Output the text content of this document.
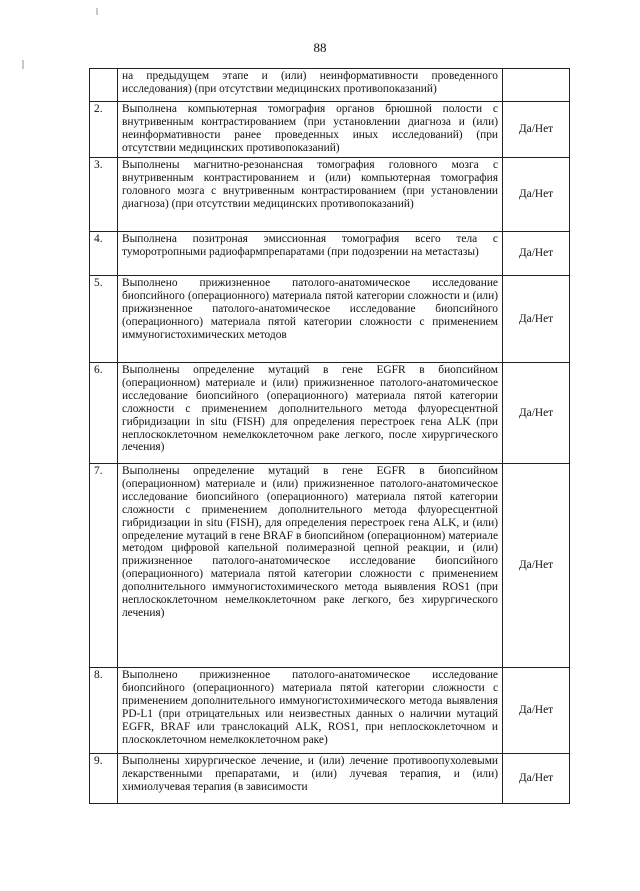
88
	на предыдущем этапе и (или) неинформативности проведенного исследования) (при отсутствии медицинских противопоказаний)	
2.	Выполнена компьютерная томография органов брюшной полости с внутривенным контрастированием (при установлении диагноза и (или) неинформативности ранее проведенных иных исследований) (при отсутствии медицинских противопоказаний)	Да/Нет
3.	Выполнены магнитно-резонансная томография головного мозга с внутривенным контрастированием и (или) компьютерная томография головного мозга с внутривенным контрастированием (при установлении диагноза) (при отсутствии медицинских противопоказаний)	Да/Нет
4.	Выполнена позитроная эмиссионная томография всего тела с туморотропными радиофармпрепаратами (при подозрении на метастазы)	Да/Нет
5.	Выполнено прижизненное патолого-анатомическое исследование биопсийного (операционного) материала пятой категории сложности и (или) прижизненное патолого-анатомическое исследование биопсийного (операционного) материала пятой категории сложности с применением иммуногистохимических методов	Да/Нет
6.	Выполнены определение мутаций в гене EGFR в биопсийном (операционном) материале и (или) прижизненное патолого-анатомическое исследование биопсийного (операционного) материала пятой категории сложности с применением дополнительного метода флуоресцентной гибридизации in situ (FISH) для определения перестроек гена ALK (при неплоскоклеточном немелкоклеточном раке легкого, после хирургического лечения)	Да/Нет
7.	Выполнены определение мутаций в гене EGFR в биопсийном (операционном) материале и (или) прижизненное патолого-анатомическое исследование биопсийного (операционного) материала пятой категории сложности с применением дополнительного метода флуоресцентной гибридизации in situ (FISH), для определения перестроек гена ALK, и (или) определение мутаций в гене BRAF в биопсийном (операционном) материале методом цифровой капельной полимеразной цепной реакции, и (или) прижизненное патолого-анатомическое исследование биопсийного (операционного) материала пятой категории сложности с применением дополнительного иммуногистохимического метода выявления ROS1 (при неплоскоклеточном немелкоклеточном раке легкого, без хирургического лечения)	Да/Нет
8.	Выполнено прижизненное патолого-анатомическое исследование биопсийного (операционного) материала пятой категории сложности с применением дополнительного иммуногистохимического метода выявления PD-L1 (при отрицательных или неизвестных данных о наличии мутаций EGFR, BRAF или транслокаций ALK, ROS1, при неплоскоклеточном и плоскоклеточном немелкоклеточном раке)	Да/Нет
9.	Выполнены хирургическое лечение, и (или) лечение противоопухолевыми лекарственными препаратами, и (или) лучевая терапия, и (или) химиолучевая терапия (в зависимости	Да/Нет
